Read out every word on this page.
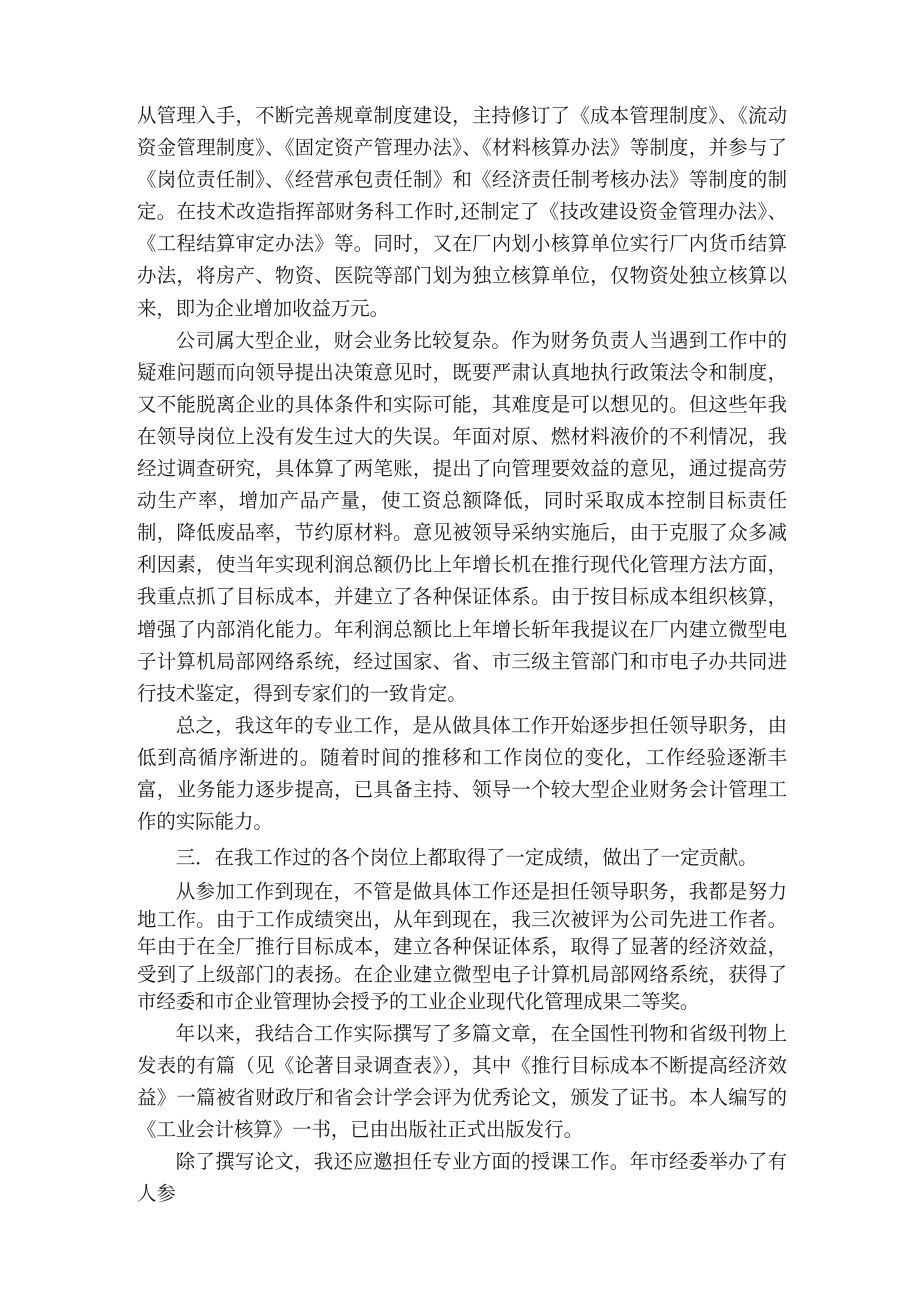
从管理入手，不断完善规章制度建设，主持修订了《成本管理制度》、《流动资金管理制度》、《固定资产管理办法》、《材料核算办法》等制度，并参与了《岗位责任制》、《经营承包责任制》和《经济责任制考核办法》等制度的制定。在技术改造指挥部财务科工作时,还制定了《技改建设资金管理办法》、《工程结算审定办法》等。同时，又在厂内划小核算单位实行厂内货币结算办法，将房产、物资、医院等部门划为独立核算单位，仅物资处独立核算以来，即为企业增加收益万元。

公司属大型企业，财会业务比较复杂。作为财务负责人当遇到工作中的疑难问题而向领导提出决策意见时，既要严肃认真地执行政策法令和制度，又不能脱离企业的具体条件和实际可能，其难度是可以想见的。但这些年我在领导岗位上没有发生过大的失误。年面对原、燃材料液价的不利情况，我经过调查研究，具体算了两笔账，提出了向管理要效益的意见，通过提高劳动生产率，增加产品产量，使工资总额降低，同时采取成本控制目标责任制，降低废品率，节约原材料。意见被领导采纳实施后，由于克服了众多减利因素，使当年实现利润总额仍比上年增长机在推行现代化管理方法方面，我重点抓了目标成本，并建立了各种保证体系。由于按目标成本组织核算，增强了内部消化能力。年利润总额比上年增长斩年我提议在厂内建立微型电子计算机局部网络系统，经过国家、省、市三级主管部门和市电子办共同进行技术鉴定，得到专家们的一致肯定。

总之，我这年的专业工作，是从做具体工作开始逐步担任领导职务，由低到高循序渐进的。随着时间的推移和工作岗位的变化，工作经验逐渐丰富，业务能力逐步提高，已具备主持、领导一个较大型企业财务会计管理工作的实际能力。

三．在我工作过的各个岗位上都取得了一定成绩，做出了一定贡献。

从参加工作到现在，不管是做具体工作还是担任领导职务，我都是努力地工作。由于工作成绩突出，从年到现在，我三次被评为公司先进工作者。年由于在全厂推行目标成本，建立各种保证体系，取得了显著的经济效益，受到了上级部门的表扬。在企业建立微型电子计算机局部网络系统，获得了市经委和市企业管理协会授予的工业企业现代化管理成果二等奖。

年以来，我结合工作实际撰写了多篇文章，在全国性刊物和省级刊物上发表的有篇（见《论著目录调查表》），其中《推行目标成本不断提高经济效益》一篇被省财政厅和省会计学会评为优秀论文，颁发了证书。本人编写的《工业会计核算》一书，已由出版社正式出版发行。

除了撰写论文，我还应邀担任专业方面的授课工作。年市经委举办了有人参
